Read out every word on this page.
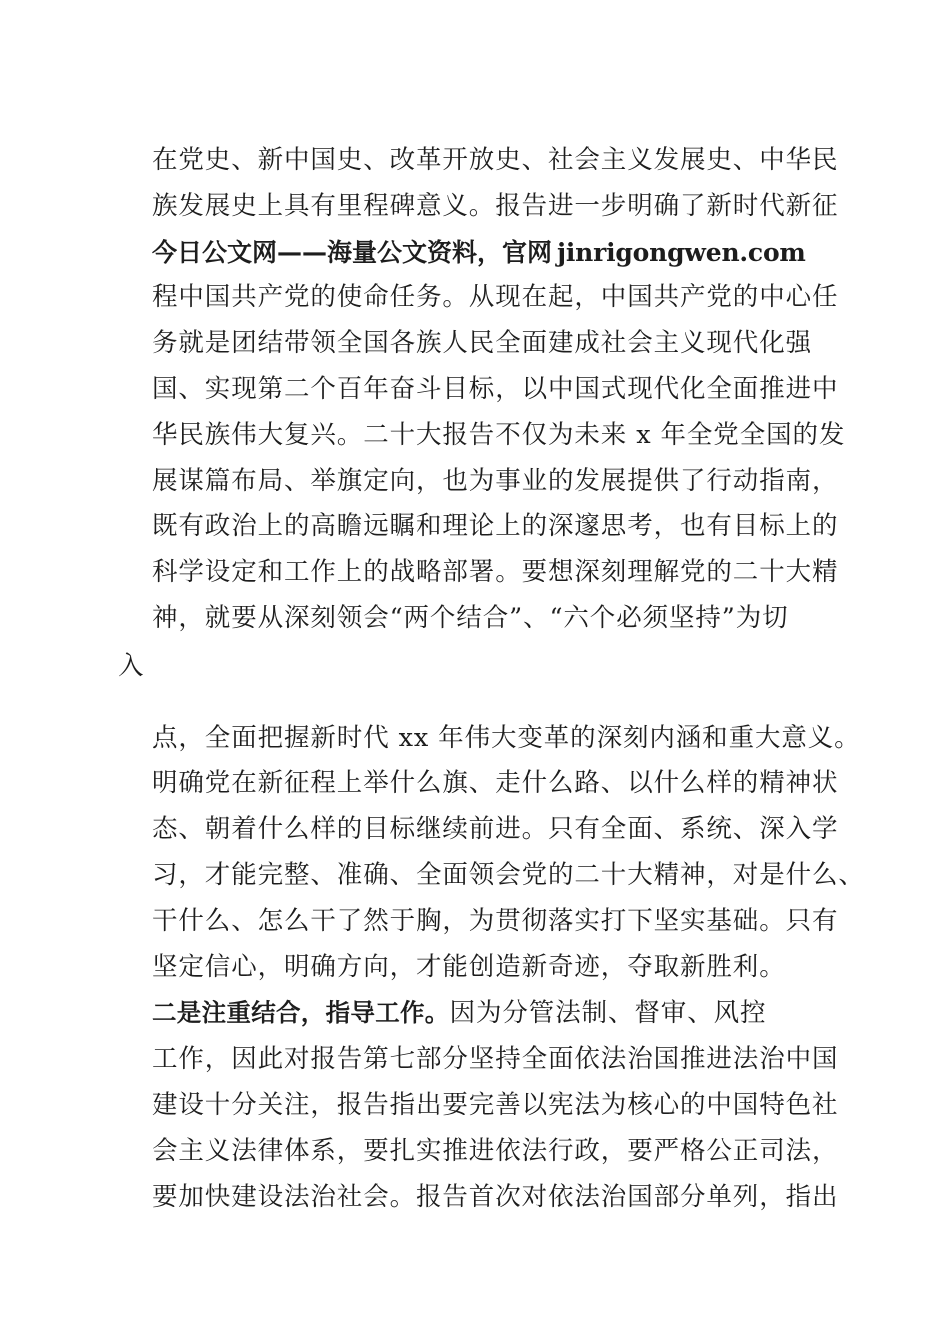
在党史、新中国史、改革开放史、社会主义发展史、中华民
族发展史上具有里程碑意义。报告进一步明确了新时代新征
今日公文网——海量公文资料，官网 jinrigongwen.com
程中国共产党的使命任务。从现在起，中国共产党的中心任
务就是团结带领全国各族人民全面建成社会主义现代化强
国、实现第二个百年奋斗目标，以中国式现代化全面推进中
华民族伟大复兴。二十大报告不仅为未来 x 年全党全国的发
展谋篇布局、举旗定向，也为事业的发展提供了行动指南，
既有政治上的高瞻远瞩和理论上的深邃思考，也有目标上的
科学设定和工作上的战略部署。要想深刻理解党的二十大精
神，就要从深刻领会“两个结合”、“六个必须坚持”为切
入
点，全面把握新时代 xx 年伟大变革的深刻内涵和重大意义。
明确党在新征程上举什么旗、走什么路、以什么样的精神状
态、朝着什么样的目标继续前进。只有全面、系统、深入学
习，才能完整、准确、全面领会党的二十大精神，对是什么、
干什么、怎么干了然于胸，为贯彻落实打下坚实基础。只有
坚定信心，明确方向，才能创造新奇迹，夺取新胜利。
二是注重结合，指导工作。因为分管法制、督审、风控
工作，因此对报告第七部分坚持全面依法治国推进法治中国
建设十分关注，报告指出要完善以宪法为核心的中国特色社
会主义法律体系，要扎实推进依法行政，要严格公正司法，
要加快建设法治社会。报告首次对依法治国部分单列，指出
